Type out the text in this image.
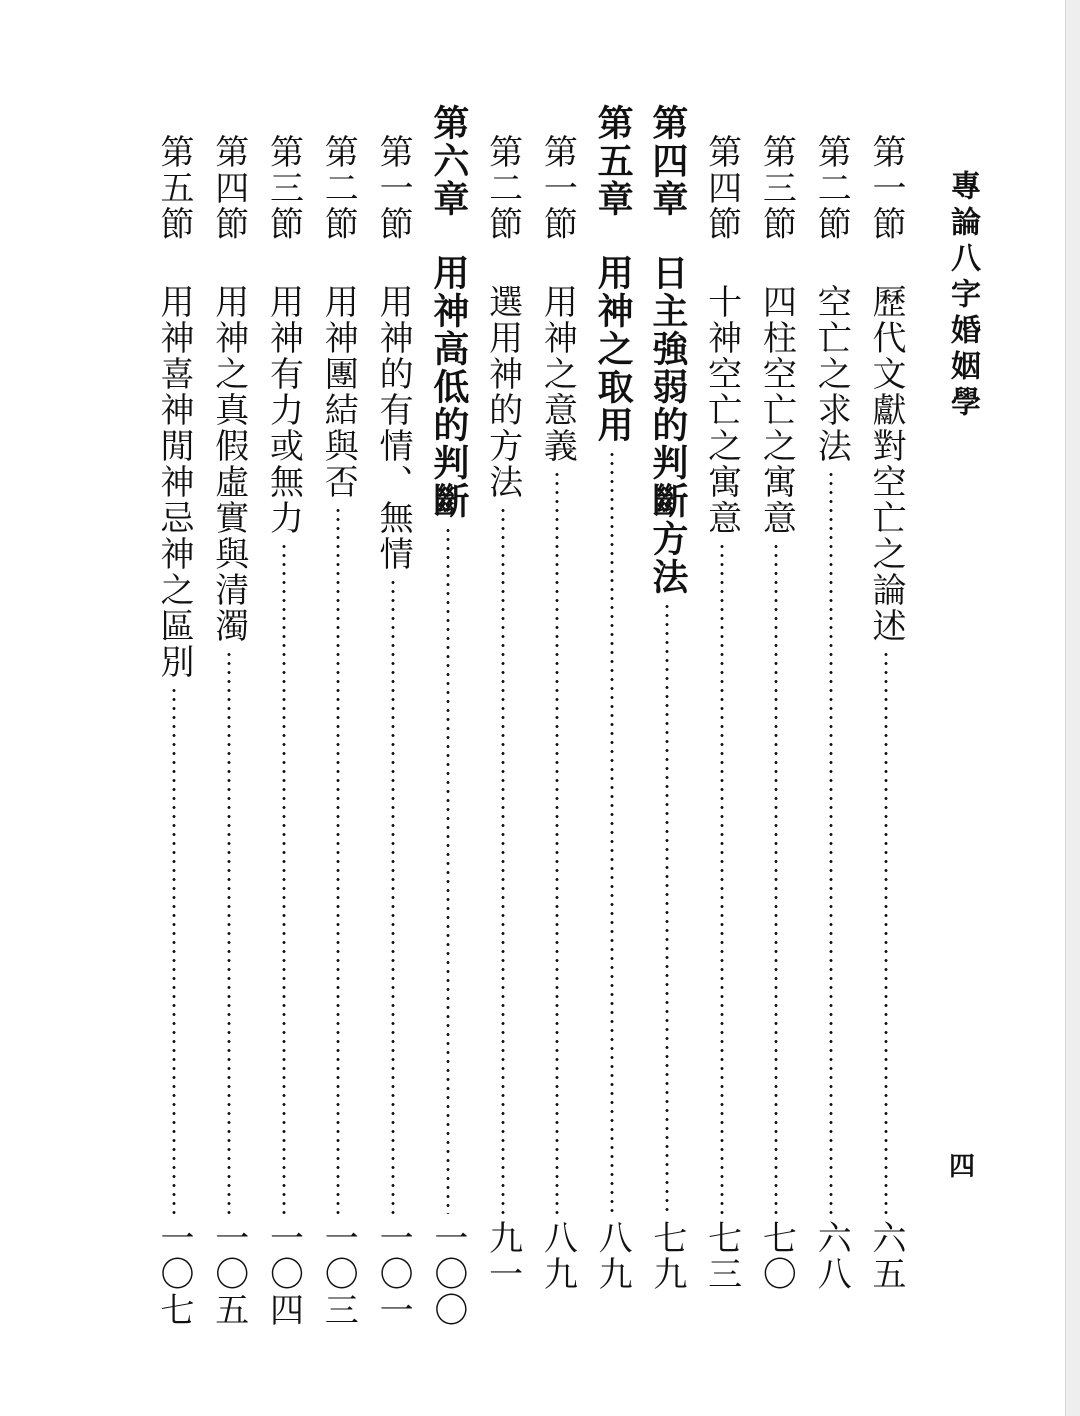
專論八字婚姻學
四
第一節
歷代文獻對空亡之論述
六五
第二節
空亡之求法
六八
第三節
四柱空亡之寓意
七〇
第四節
十神空亡之寓意
七三
第四章
日主強弱的判斷方法
七九
第五章
用神之取用
八九
第一節
用神之意義
八九
第二節
選用神的方法
九一
第六章
用神高低的判斷
一〇〇
第一節
用神的有情、無情
一〇一
第二節
用神團結與否
一〇三
第三節
用神有力或無力
一〇四
第四節
用神之真假虛實與清濁
一〇五
第五節
用神喜神閒神忌神之區別
一〇七
